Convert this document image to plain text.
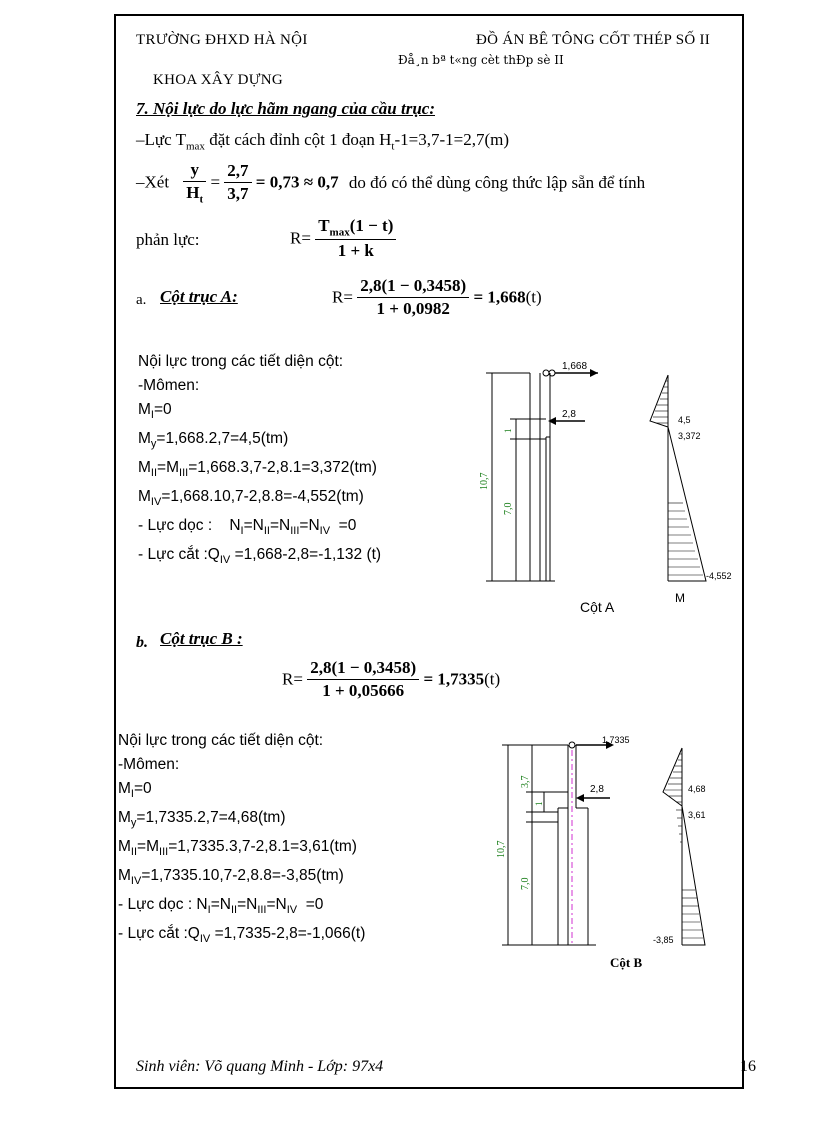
TRƯỜNG ĐHXD HÀ NỘI	ĐỒ ÁN BÊ TÔNG CỐT THÉP SỐ II
Ðå¸n bª t«ng cèt thÐp sè II
KHOA XÂY DỰNG
7. Nội lực do lực hãm ngang của cầu trục:
–Lực $T_{max}$ đặt cách đỉnh cột 1 đoạn $H_t-1=3,7-1=2,7(m)$
–Xét $\frac{y}{H_t} = \frac{2,7}{3,7} = 0,73 \approx 0,7$ do đó có thể dùng công thức lập sẵn để tính
phản lực:	$R= \frac{T_{max}(1 - t)}{1 + k}$
a. Cột trục A:	$R= \frac{2,8(1 - 0,3458)}{1 + 0,0982} = 1,668(t)$
Nội lực trong các tiết diện cột:
-Mômen:
$M_I=0$
$M_y=1,668.2,7=4,5(tm)$
$M_{II}=M_{III}=1,668.3,7-2,8.1=3,372(tm)$
$M_{IV}=1,668.10,7-2,8.8=-4,552(tm)$
- Lực dọc :    $N_I=N_{II}=N_{III}=N_{IV} =0$
- Lực cắt $:Q_{IV} =1,668-2,8=-1,132$ (t)
1,668
2,8
1
10,7
7,0
4,5
3,372
-4,552
Cột A
M
b. Cột trục B :
$R= \frac{2,8(1 - 0,3458)}{1 + 0,05666} = 1,7335(t)$
Nội lực trong các tiết diện cột:
-Mômen:
$M_I=0$
$M_y=1,7335.2,7=4,68(tm)$
$M_{II}=M_{III}=1,7335.3,7-2,8.1=3,61(tm)$
$M_{IV}=1,7335.10,7-2,8.8=-3,85(tm)$
- Lực dọc : $N_I=N_{II}=N_{III}=N_{IV} =0$
- Lực cắt $:Q_{IV} =1,7335-2,8=-1,066(t)$
1,7335
2,8
3,7
1
10,7
7,0
4,68
3,61
-3,85
Cột B
Sinh viên: Võ quang Minh - Lớp: 97x4	16
